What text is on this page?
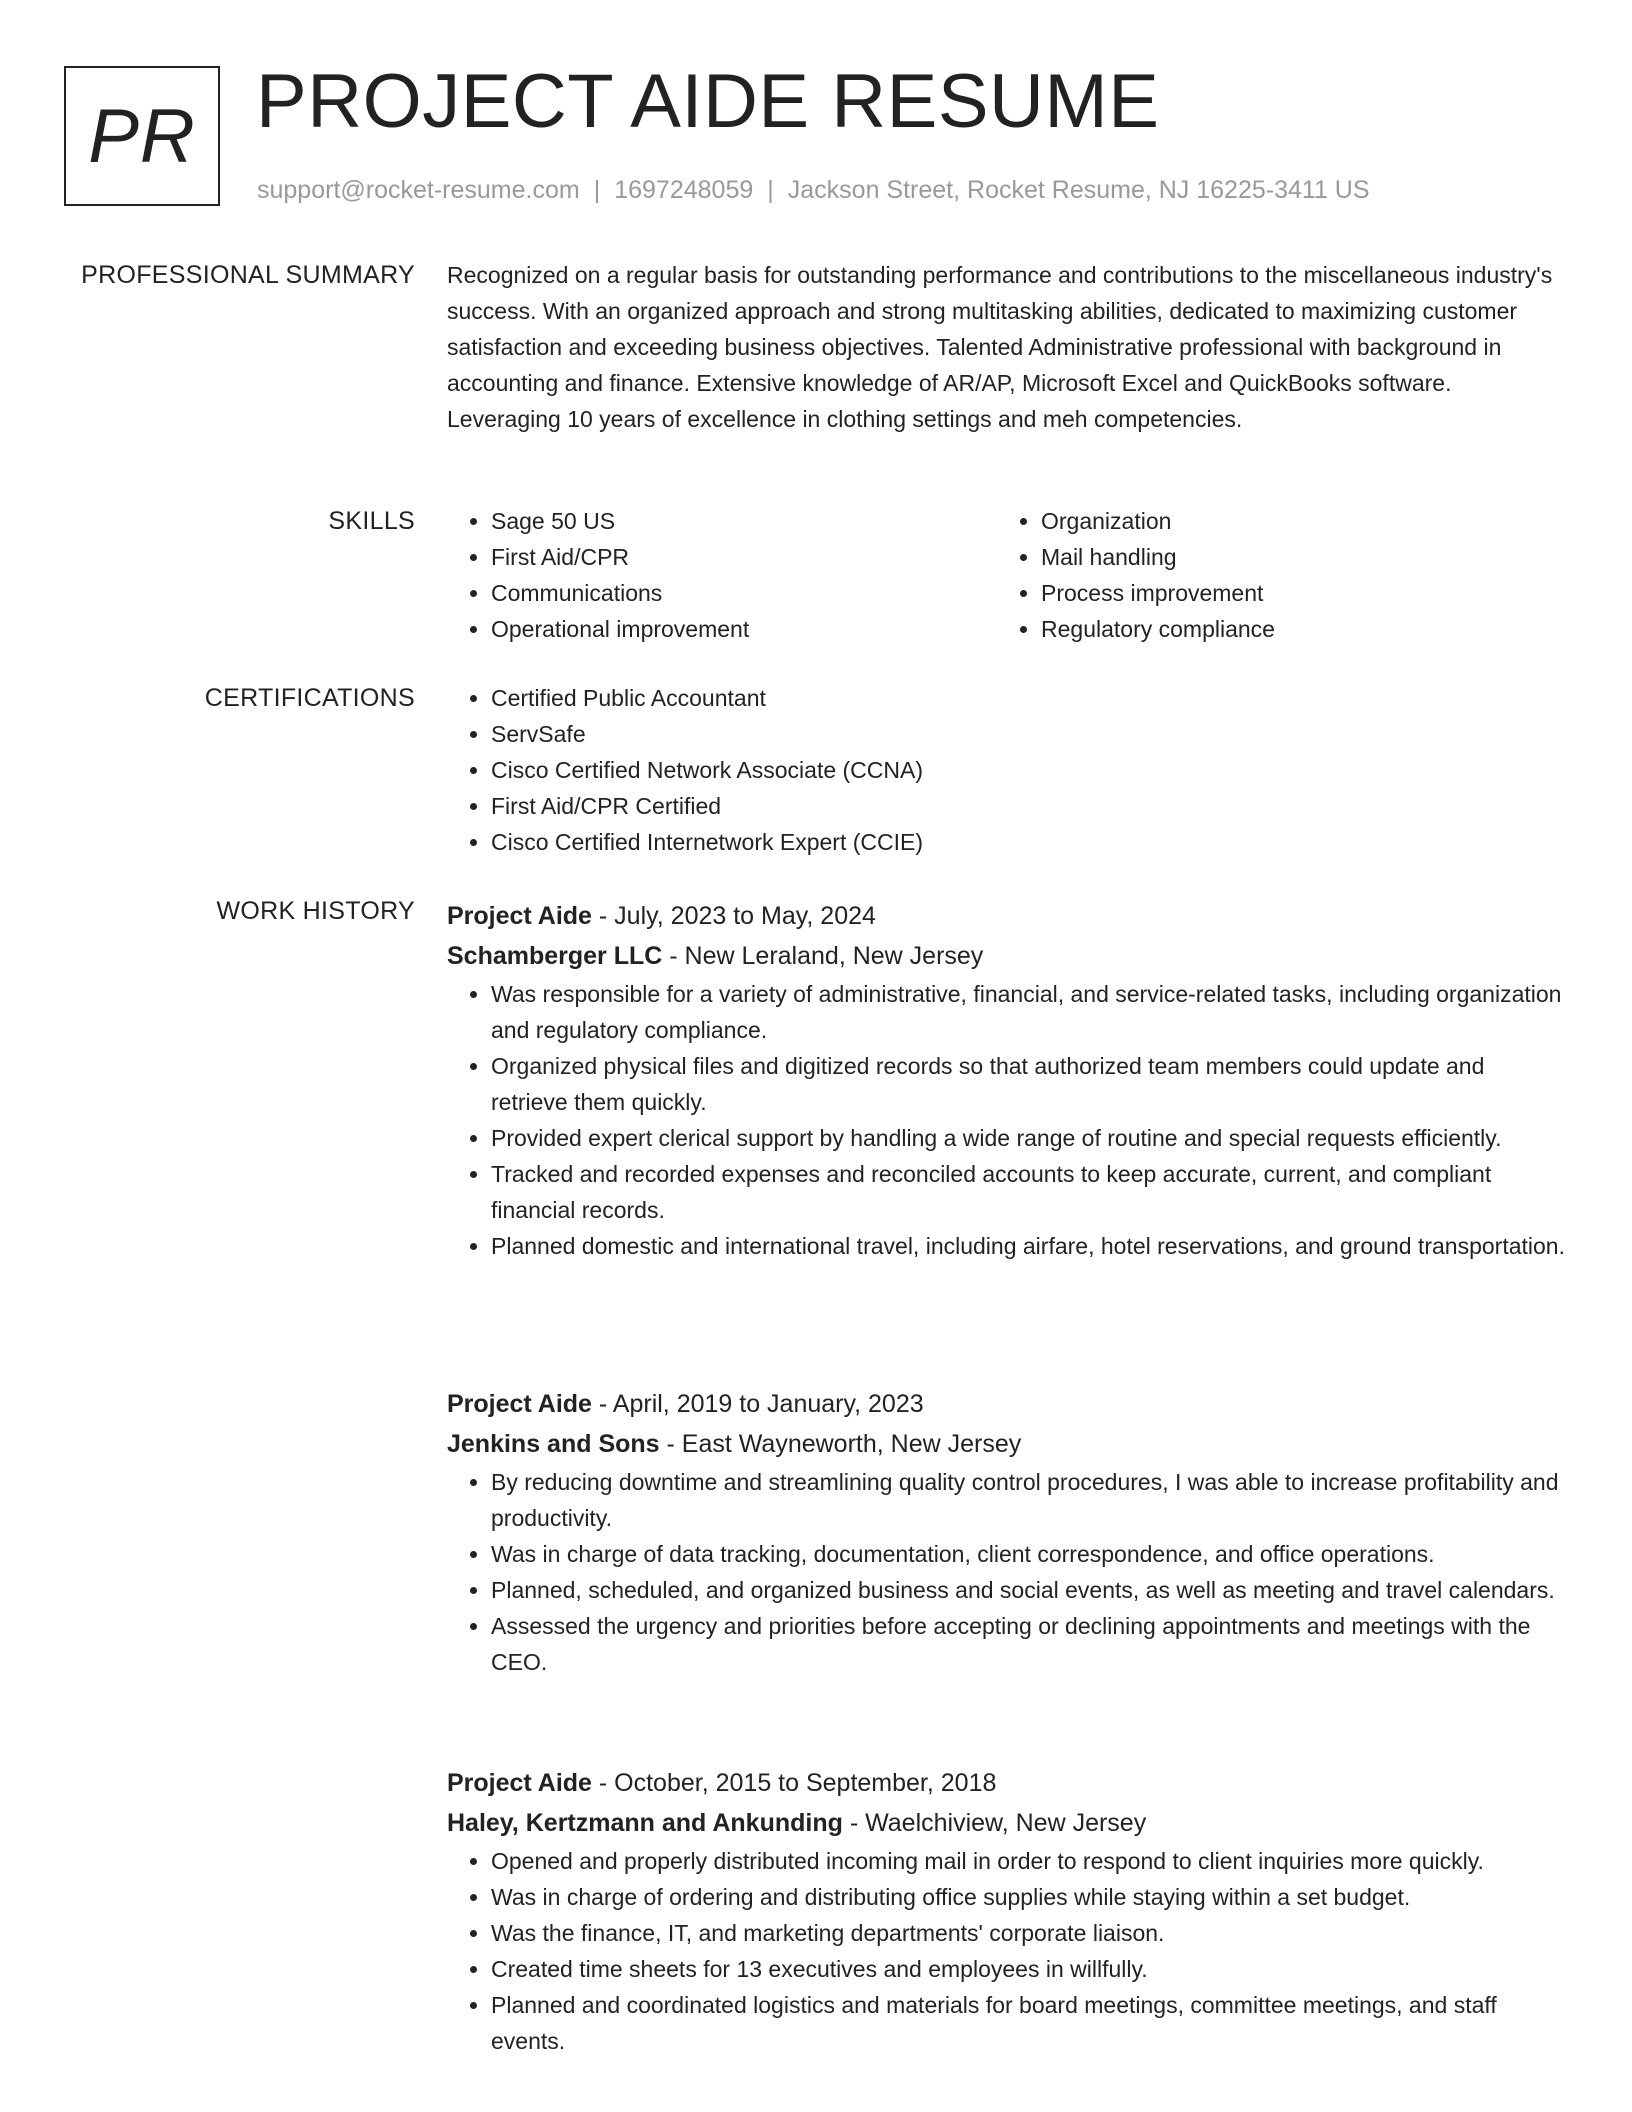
PR PROJECT AIDE RESUME
support@rocket-resume.com | 1697248059 | Jackson Street, Rocket Resume, NJ 16225-3411 US
PROFESSIONAL SUMMARY Recognized on a regular basis for outstanding performance and contributions to the miscellaneous industry's success. With an organized approach and strong multitasking abilities, dedicated to maximizing customer satisfaction and exceeding business objectives. Talented Administrative professional with background in accounting and finance. Extensive knowledge of AR/AP, Microsoft Excel and QuickBooks software. Leveraging 10 years of excellence in clothing settings and meh competencies.

SKILLS	• Sage 50 US
• First Aid/CPR
• Communications
• Operational improvement
• Organization
• Mail handling
• Process improvement
• Regulatory compliance
CERTIFICATIONS	• Certified Public Accountant
• ServSafe
• Cisco Certified Network Associate (CCNA)
• First Aid/CPR Certified
• Cisco Certified Internetwork Expert (CCIE)
WORK HISTORY Project Aide - July, 2023 to May, 2024
Schamberger LLC - New Leraland, New Jersey
• Was responsible for a variety of administrative, financial, and service-related tasks, including organization and regulatory compliance.
• Organized physical files and digitized records so that authorized team members could update and retrieve them quickly.
• Provided expert clerical support by handling a wide range of routine and special requests efficiently.
• Tracked and recorded expenses and reconciled accounts to keep accurate, current, and compliant financial records.
• Planned domestic and international travel, including airfare, hotel reservations, and ground transportation.
Project Aide - April, 2019 to January, 2023
Jenkins and Sons - East Wayneworth, New Jersey
• By reducing downtime and streamlining quality control procedures, I was able to increase profitability and productivity.
• Was in charge of data tracking, documentation, client correspondence, and office operations.
• Planned, scheduled, and organized business and social events, as well as meeting and travel calendars.
• Assessed the urgency and priorities before accepting or declining appointments and meetings with the CEO.
Project Aide - October, 2015 to September, 2018
Haley, Kertzmann and Ankunding - Waelchiview, New Jersey
• Opened and properly distributed incoming mail in order to respond to client inquiries more quickly.
• Was in charge of ordering and distributing office supplies while staying within a set budget.
• Was the finance, IT, and marketing departments' corporate liaison.
• Created time sheets for 13 executives and employees in willfully.
• Planned and coordinated logistics and materials for board meetings, committee meetings, and staff events.
